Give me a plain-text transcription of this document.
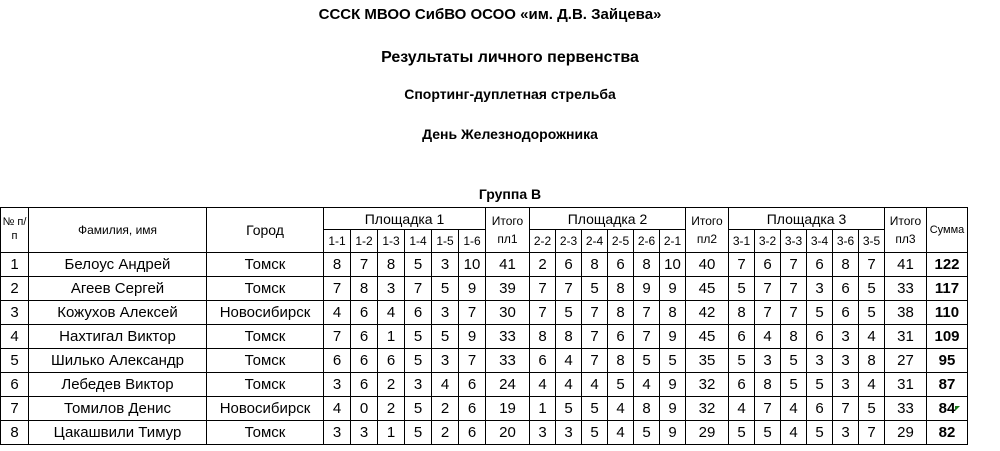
СССК МВОО СибВО ОСОО «им. Д.В. Зайцева»
Результаты личного первенства
Спортинг-дуплетная стрельба
День Железнодорожника
Группа В
№ п/п	Фамилия, имя	Город	Площадка 1						Итого пл1	Площадка 2						Итого пл2	Площадка 3						Итого пл3	Сумма
			1-1	1-2	1-3	1-4	1-5	1-6		2-2	2-3	2-4	2-5	2-6	2-1		3-1	3-2	3-3	3-4	3-6	3-5		
1	Белоус Андрей	Томск	8	7	8	5	3	10	41	2	6	8	6	8	10	40	7	6	7	6	8	7	41	122
2	Агеев Сергей	Томск	7	8	3	7	5	9	39	7	7	5	8	9	9	45	5	7	7	3	6	5	33	117
3	Кожухов Алексей	Новосибирск	4	6	4	6	3	7	30	7	5	7	8	7	8	42	8	7	7	5	6	5	38	110
4	Нахтигал Виктор	Томск	7	6	1	5	5	9	33	8	8	7	6	7	9	45	6	4	8	6	3	4	31	109
5	Шилько Александр	Томск	6	6	6	5	3	7	33	6	4	7	8	5	5	35	5	3	5	3	3	8	27	95
6	Лебедев Виктор	Томск	3	6	2	3	4	6	24	4	4	4	5	4	9	32	6	8	5	5	3	4	31	87
7	Томилов Денис	Новосибирск	4	0	2	5	2	6	19	1	5	5	4	8	9	32	4	7	4	6	7	5	33	84
8	Цакашвили Тимур	Томск	3	3	1	5	2	6	20	3	3	5	4	5	9	29	5	5	4	5	3	7	29	82
